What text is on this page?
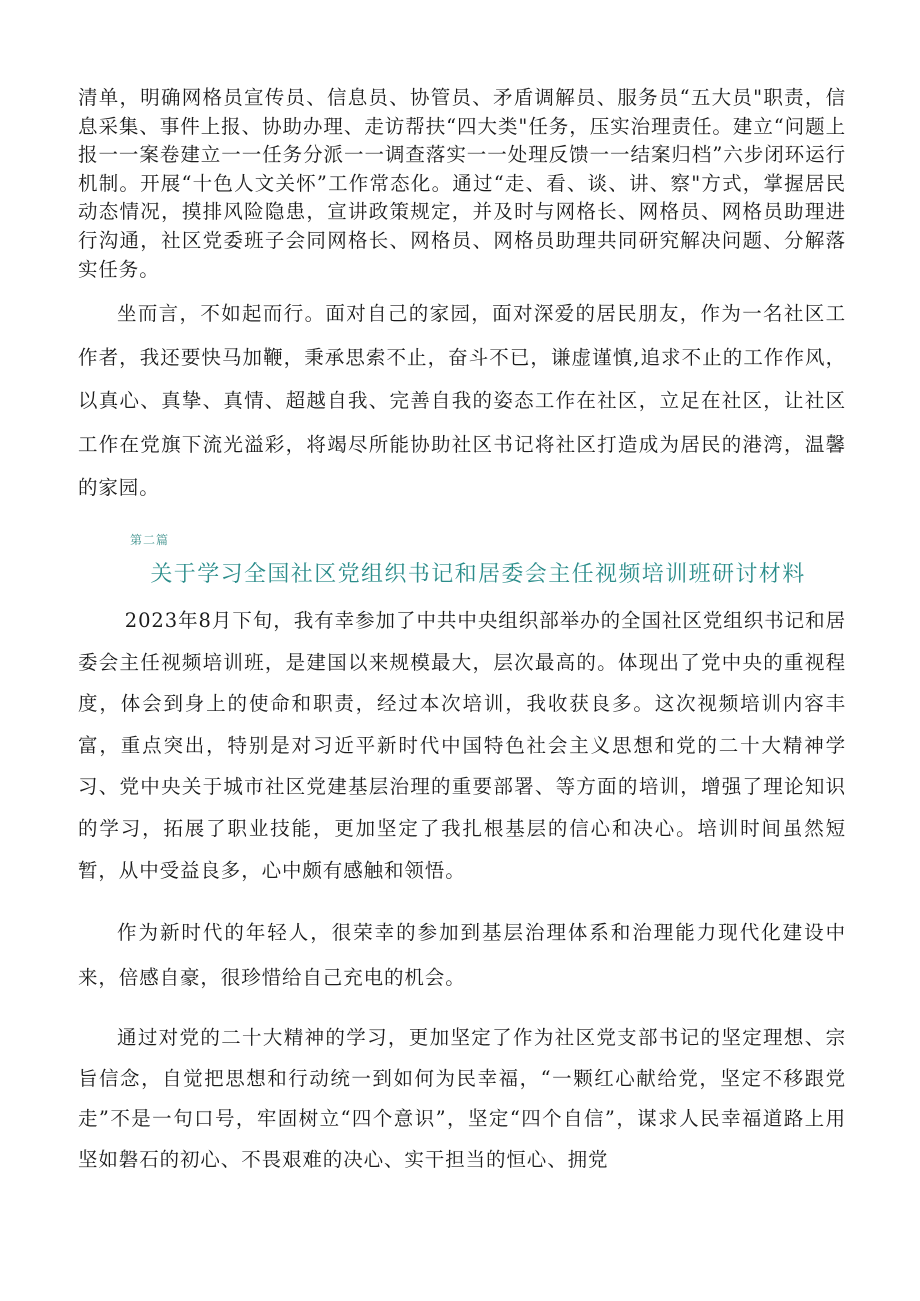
清单，明确网格员宣传员、信息员、协管员、矛盾调解员、服务员“五大员"职责，信息采集、事件上报、协助办理、走访帮扶“四大类"任务，压实治理责任。建立“问题上报一一案卷建立一一任务分派一一调查落实一一处理反馈一一结案归档”六步闭环运行机制。开展“十色人文关怀”工作常态化。通过“走、看、谈、讲、察"方式，掌握居民动态情况，摸排风险隐患，宣讲政策规定，并及时与网格长、网格员、网格员助理进行沟通，社区党委班子会同网格长、网格员、网格员助理共同研究解决问题、分解落实任务。

坐而言，不如起而行。面对自己的家园，面对深爱的居民朋友，作为一名社区工作者，我还要快马加鞭，秉承思索不止，奋斗不已，谦虚谨慎,追求不止的工作作风，以真心、真挚、真情、超越自我、完善自我的姿态工作在社区，立足在社区，让社区工作在党旗下流光溢彩，将竭尽所能协助社区书记将社区打造成为居民的港湾，温馨的家园。

第二篇

关于学习全国社区党组织书记和居委会主任视频培训班研讨材料

2023年8月下旬，我有幸参加了中共中央组织部举办的全国社区党组织书记和居委会主任视频培训班，是建国以来规模最大，层次最高的。体现出了党中央的重视程度，体会到身上的使命和职责，经过本次培训，我收获良多。这次视频培训内容丰富，重点突出，特别是对习近平新时代中国特色社会主义思想和党的二十大精神学习、党中央关于城市社区党建基层治理的重要部署、等方面的培训，增强了理论知识的学习，拓展了职业技能，更加坚定了我扎根基层的信心和决心。培训时间虽然短暂，从中受益良多，心中颇有感触和领悟。

作为新时代的年轻人，很荣幸的参加到基层治理体系和治理能力现代化建设中来，倍感自豪，很珍惜给自己充电的机会。

通过对党的二十大精神的学习，更加坚定了作为社区党支部书记的坚定理想、宗旨信念，自觉把思想和行动统一到如何为民幸福，“一颗红心献给党，坚定不移跟党走”不是一句口号，牢固树立“四个意识”，坚定“四个自信”，谋求人民幸福道路上用坚如磐石的初心、不畏艰难的决心、实干担当的恒心、拥党
